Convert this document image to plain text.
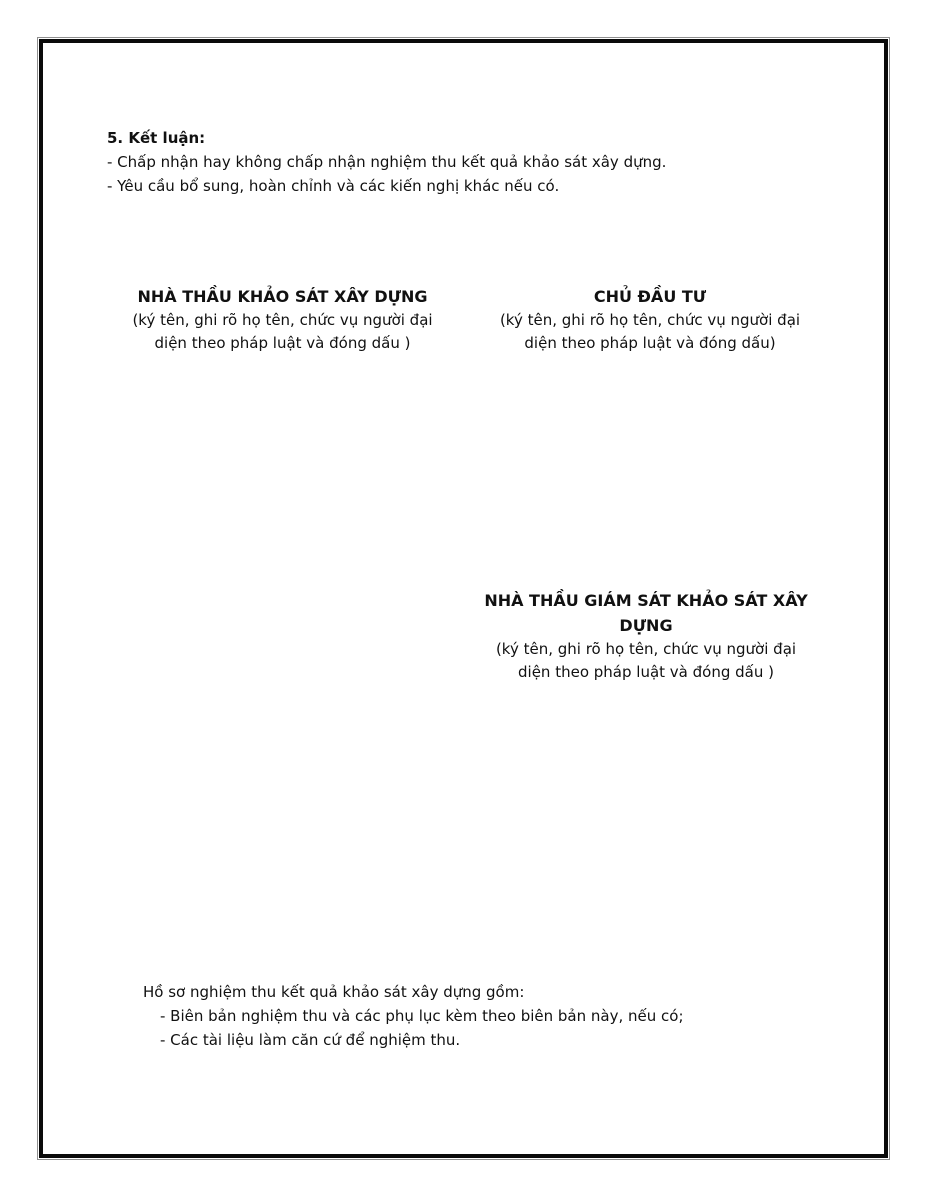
5. Kết luận:
- Chấp nhận hay không chấp nhận nghiệm thu kết quả khảo sát xây dựng.
- Yêu cầu bổ sung, hoàn chỉnh và các kiến nghị khác nếu có.
NHÀ THẦU KHẢO SÁT XÂY DỰNG
(ký tên, ghi rõ họ tên, chức vụ người đại
diện theo pháp luật và đóng dấu )
CHỦ ĐẦU TƯ
(ký tên, ghi rõ họ tên, chức vụ người đại
diện theo pháp luật và đóng dấu)
NHÀ THẦU GIÁM SÁT KHẢO SÁT XÂY DỰNG
(ký tên, ghi rõ họ tên, chức vụ người đại
diện theo pháp luật và đóng dấu )
Hồ sơ nghiệm thu kết quả khảo sát xây dựng gồm:
- Biên bản nghiệm thu và các phụ lục kèm theo biên bản này, nếu có;
- Các tài liệu làm căn cứ để nghiệm thu.
